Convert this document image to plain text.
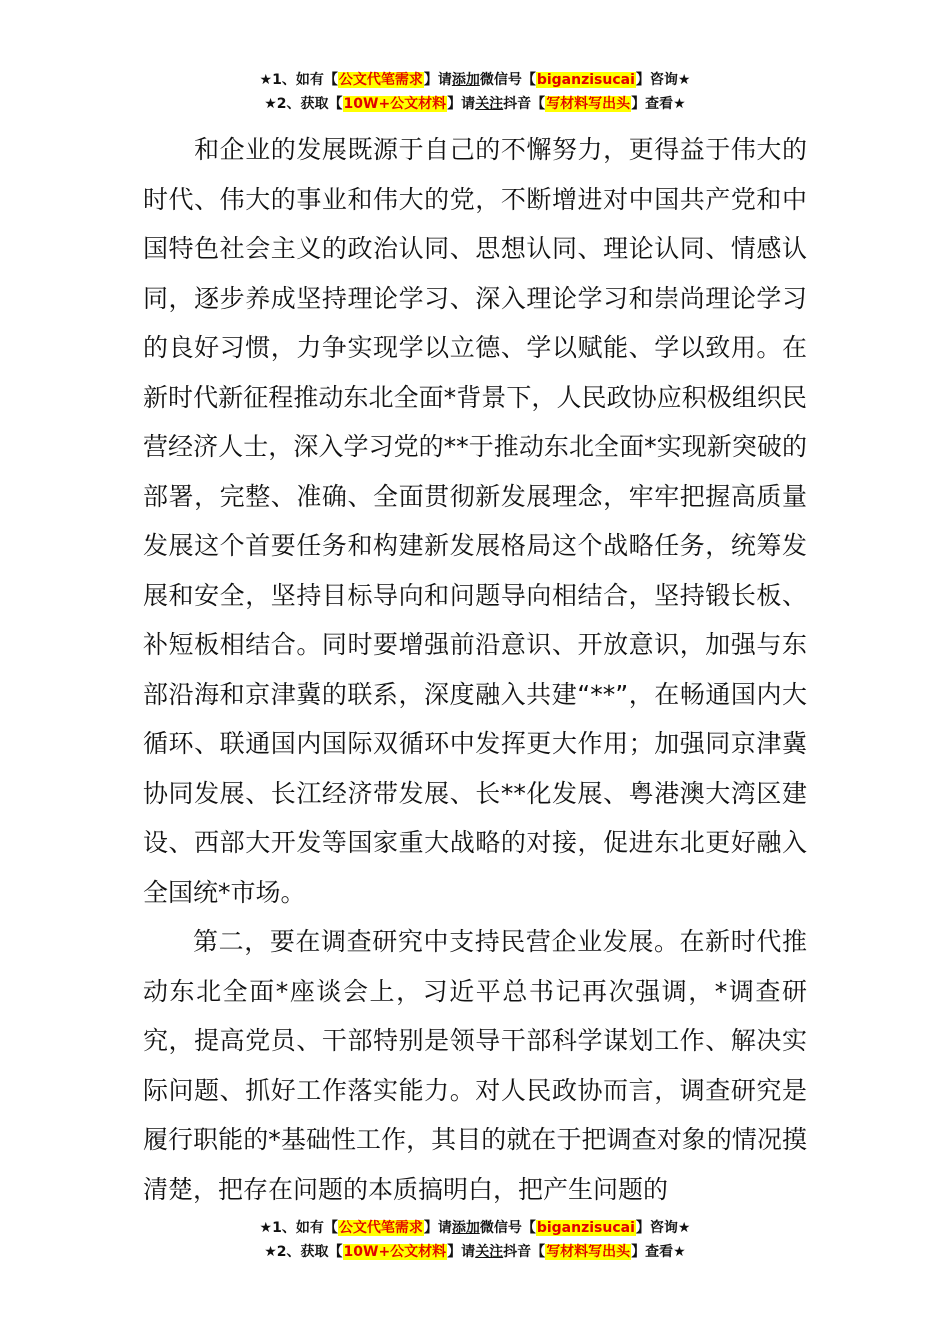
★1、如有【公文代笔需求】请添加微信号【biganzisucai】咨询★
★2、获取【10W+公文材料】请关注抖音【写材料写出头】查看★

　　和企业的发展既源于自己的不懈努力，更得益于伟大的时代、伟大的事业和伟大的党，不断增进对中国共产党和中国特色社会主义的政治认同、思想认同、理论认同、情感认同，逐步养成坚持理论学习、深入理论学习和崇尚理论学习的良好习惯，力争实现学以立德、学以赋能、学以致用。在新时代新征程推动东北全面*背景下，人民政协应积极组织民营经济人士，深入学习党的**于推动东北全面*实现新突破的部署，完整、准确、全面贯彻新发展理念，牢牢把握高质量发展这个首要任务和构建新发展格局这个战略任务，统筹发展和安全，坚持目标导向和问题导向相结合，坚持锻长板、补短板相结合。同时要增强前沿意识、开放意识，加强与东部沿海和京津冀的联系，深度融入共建“**”，在畅通国内大循环、联通国内国际双循环中发挥更大作用；加强同京津冀协同发展、长江经济带发展、长**化发展、粤港澳大湾区建设、西部大开发等国家重大战略的对接，促进东北更好融入全国统*市场。

第二，要在调查研究中支持民营企业发展。在新时代推动东北全面*座谈会上，习近平总书记再次强调，*调查研究，提高党员、干部特别是领导干部科学谋划工作、解决实际问题、抓好工作落实能力。对人民政协而言，调查研究是履行职能的*基础性工作，其目的就在于把调查对象的情况摸清楚，把存在问题的本质搞明白，把产生问题的

★1、如有【公文代笔需求】请添加微信号【biganzisucai】咨询★
★2、获取【10W+公文材料】请关注抖音【写材料写出头】查看★
